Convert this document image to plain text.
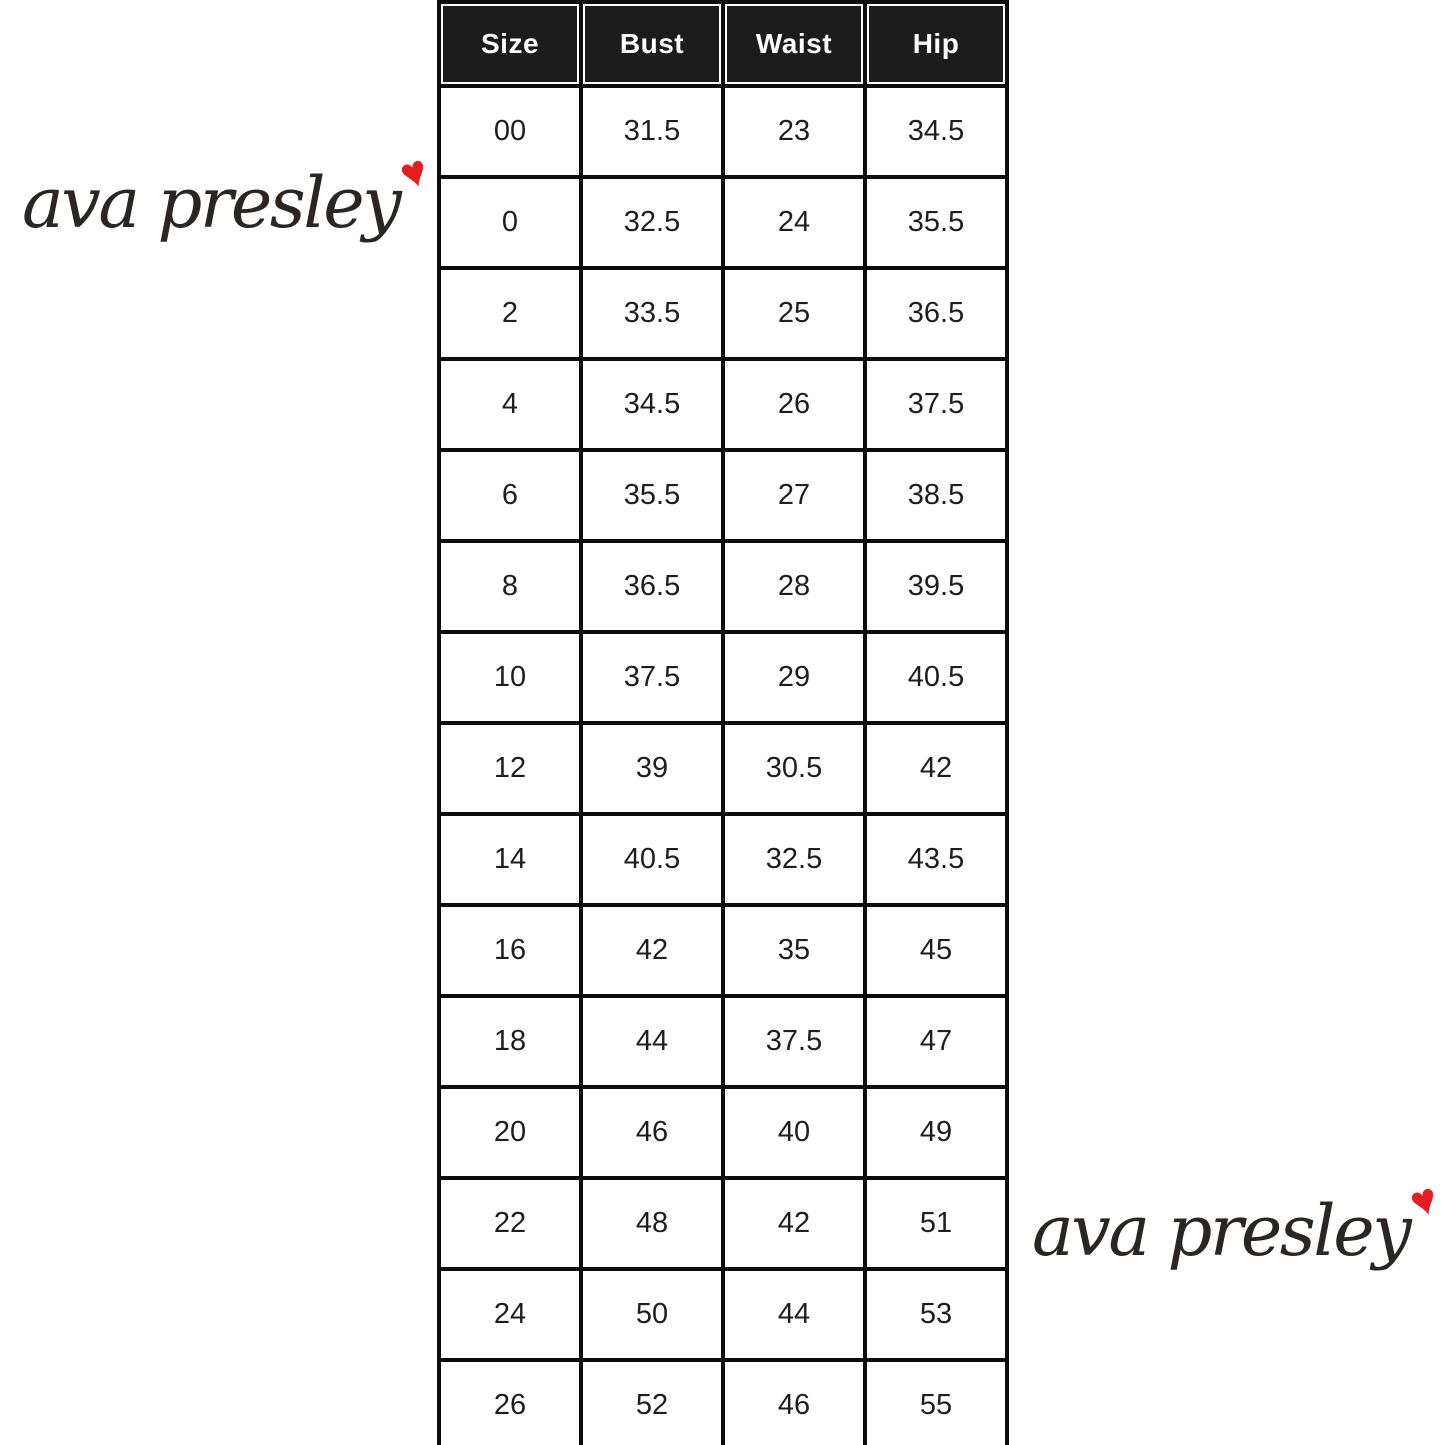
ava presley♥
Size	Bust	Waist	Hip
00	31.5	23	34.5
0	32.5	24	35.5
2	33.5	25	36.5
4	34.5	26	37.5
6	35.5	27	38.5
8	36.5	28	39.5
10	37.5	29	40.5
12	39	30.5	42
14	40.5	32.5	43.5
16	42	35	45
18	44	37.5	47
20	46	40	49
22	48	42	51
24	50	44	53
26	52	46	55
ava presley♥
